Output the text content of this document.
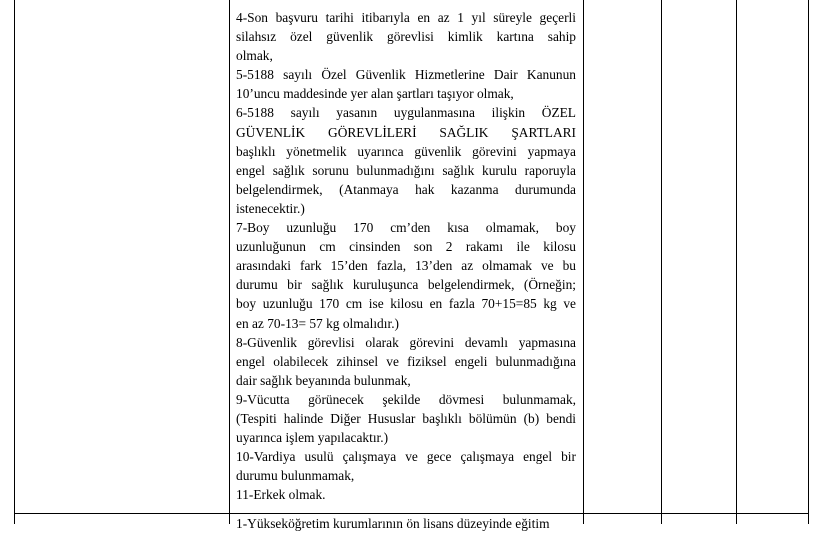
4-Son başvuru tarihi itibarıyla en az 1 yıl süreyle geçerli

silahsız özel güvenlik görevlisi kimlik kartına sahip

olmak,

5-5188 sayılı Özel Güvenlik Hizmetlerine Dair Kanunun

10’uncu maddesinde yer alan şartları taşıyor olmak,

6-5188 sayılı yasanın uygulanmasına ilişkin ÖZEL

GÜVENLİK GÖREVLİLERİ SAĞLIK ŞARTLARI

başlıklı yönetmelik uyarınca güvenlik görevini yapmaya

engel sağlık sorunu bulunmadığını sağlık kurulu raporuyla

belgelendirmek, (Atanmaya hak kazanma durumunda

istenecektir.)

7-Boy uzunluğu 170 cm’den kısa olmamak, boy

uzunluğunun cm cinsinden son 2 rakamı ile kilosu

arasındaki fark 15’den fazla, 13’den az olmamak ve bu

durumu bir sağlık kuruluşunca belgelendirmek, (Örneğin;

boy uzunluğu 170 cm ise kilosu en fazla 70+15=85 kg ve

en az 70-13= 57 kg olmalıdır.)

8-Güvenlik görevlisi olarak görevini devamlı yapmasına

engel olabilecek zihinsel ve fiziksel engeli bulunmadığına

dair sağlık beyanında bulunmak,

9-Vücutta görünecek şekilde dövmesi bulunmamak,

(Tespiti halinde Diğer Hususlar başlıklı bölümün (b) bendi

uyarınca işlem yapılacaktır.)

10-Vardiya usulü çalışmaya ve gece çalışmaya engel bir

durumu bulunmamak,

11-Erkek olmak.

1-Yükseköğretim kurumlarının ön lisans düzeyinde eğitim
